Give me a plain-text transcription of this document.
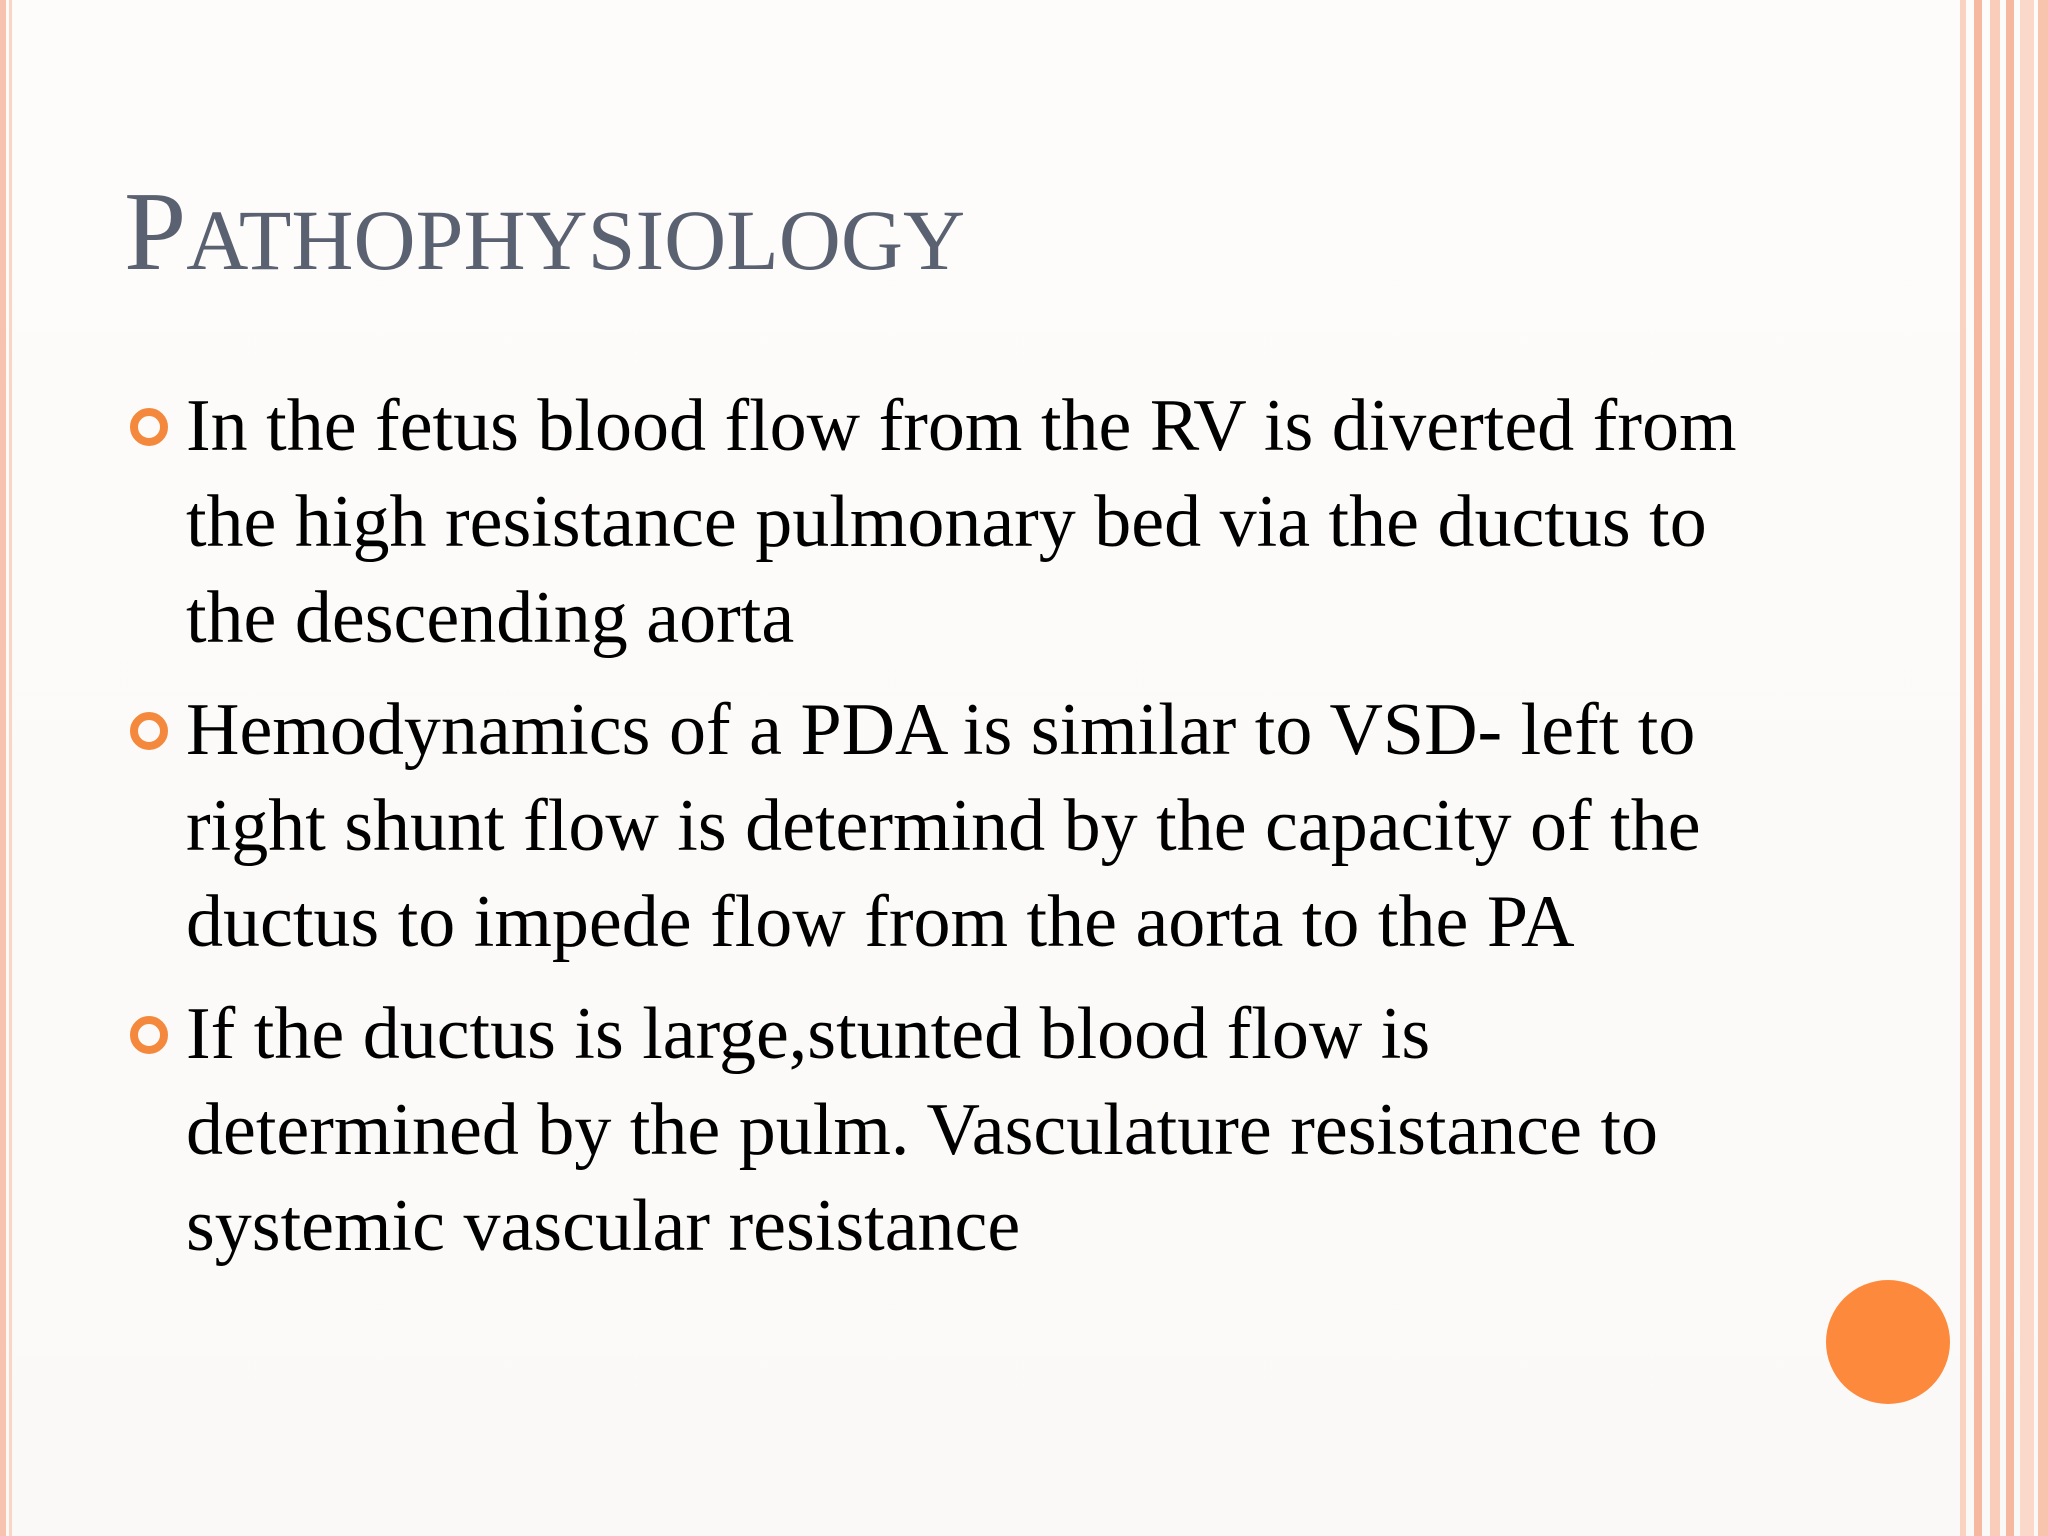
PATHOPHYSIOLOGY
In the fetus blood flow from the RV is diverted from the high resistance pulmonary bed via the ductus to the descending aorta
Hemodynamics of a PDA is similar to VSD- left to right shunt flow is determind by the capacity of the ductus to impede flow from the aorta to the PA
If the ductus is large,stunted blood flow is determined by the pulm. Vasculature resistance to systemic vascular resistance
